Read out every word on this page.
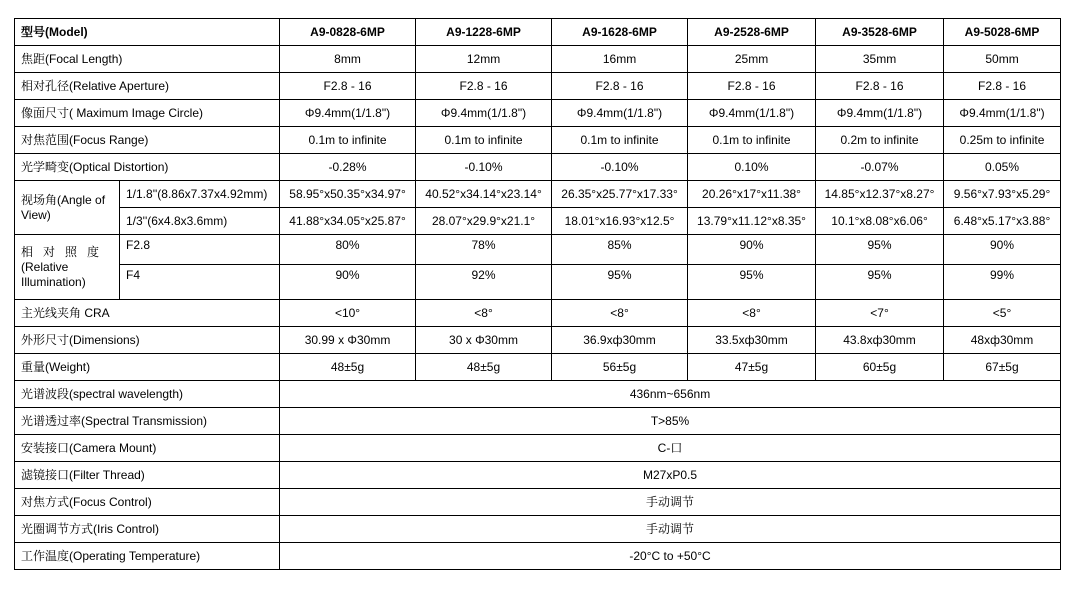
型号(Model)		A9-0828-6MP	A9-1228-6MP	A9-1628-6MP	A9-2528-6MP	A9-3528-6MP	A9-5028-6MP
焦距(Focal Length)		8mm	12mm	16mm	25mm	35mm	50mm
相对孔径(Relative Aperture)		F2.8 - 16	F2.8 - 16	F2.8 - 16	F2.8 - 16	F2.8 - 16	F2.8 - 16
像面尺寸( Maximum Image Circle)		Φ9.4mm(1/1.8")	Φ9.4mm(1/1.8")	Φ9.4mm(1/1.8")	Φ9.4mm(1/1.8")	Φ9.4mm(1/1.8")	Φ9.4mm(1/1.8")
对焦范围(Focus Range)		0.1m to infinite	0.1m to infinite	0.1m to infinite	0.1m to infinite	0.2m to infinite	0.25m to infinite
光学畸变(Optical Distortion)		-0.28%	-0.10%	-0.10%	0.10%	-0.07%	0.05%
视场角(Angle of
View)	1/1.8''(8.86x7.37x4.92mm)	58.95°x50.35°x34.97°	40.52°x34.14°x23.14°	26.35°x25.77°x17.33°	20.26°x17°x11.38°	14.85°x12.37°x8.27°	9.56°x7.93°x5.29°
	1/3''(6x4.8x3.6mm)	41.88°x34.05°x25.87°	28.07°x29.9°x21.1°	18.01°x16.93°x12.5°	13.79°x11.12°x8.35°	10.1°x8.08°x6.06°	6.48°x5.17°x3.88°
相对照度
(Relative
Illumination)	F2.8	80%	78%	85%	90%	95%	90%
	F4	90%	92%	95%	95%	95%	99%
主光线夹角 CRA		<10°	<8°	<8°	<8°	<7°	<5°
外形尺寸(Dimensions)		30.99 x Φ30mm	30 x Φ30mm	36.9xф30mm	33.5xф30mm	43.8xф30mm	48xф30mm
重量(Weight)		48±5g	48±5g	56±5g	47±5g	60±5g	67±5g
光谱波段(spectral wavelength)		436nm~656nm					
光谱透过率(Spectral Transmission)		T>85%					
安装接口(Camera Mount)		C-口					
滤镜接口(Filter Thread)		M27xP0.5					
对焦方式(Focus Control)		手动调节					
光圈调节方式(Iris Control)		手动调节					
工作温度(Operating Temperature)		-20°C to +50°C					
